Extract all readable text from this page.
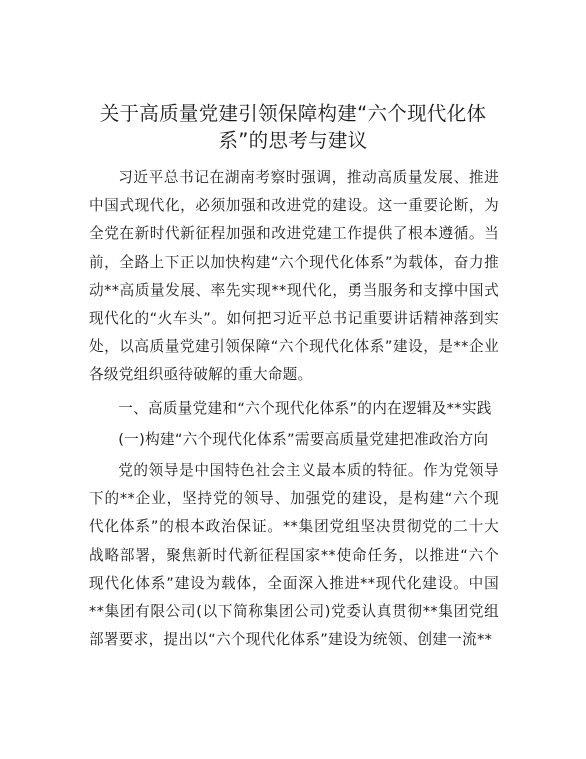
关于高质量党建引领保障构建“六个现代化体系”的思考与建议

习近平总书记在湖南考察时强调，推动高质量发展、推进中国式现代化，必须加强和改进党的建设。这一重要论断，为全党在新时代新征程加强和改进党建工作提供了根本遵循。当前，全路上下正以加快构建“六个现代化体系”为载体，奋力推动**高质量发展、率先实现**现代化，勇当服务和支撑中国式现代化的“火车头”。如何把习近平总书记重要讲话精神落到实处，以高质量党建引领保障“六个现代化体系”建设，是**企业各级党组织亟待破解的重大命题。

一、高质量党建和“六个现代化体系”的内在逻辑及**实践

(一)构建“六个现代化体系”需要高质量党建把准政治方向

党的领导是中国特色社会主义最本质的特征。作为党领导下的**企业，坚持党的领导、加强党的建设，是构建“六个现代化体系”的根本政治保证。**集团党组坚决贯彻党的二十大战略部署，聚焦新时代新征程国家**使命任务，以推进“六个现代化体系”建设为载体，全面深入推进**现代化建设。中国**集团有限公司(以下简称集团公司)党委认真贯彻**集团党组部署要求，提出以“六个现代化体系”建设为统领、创建一流**
